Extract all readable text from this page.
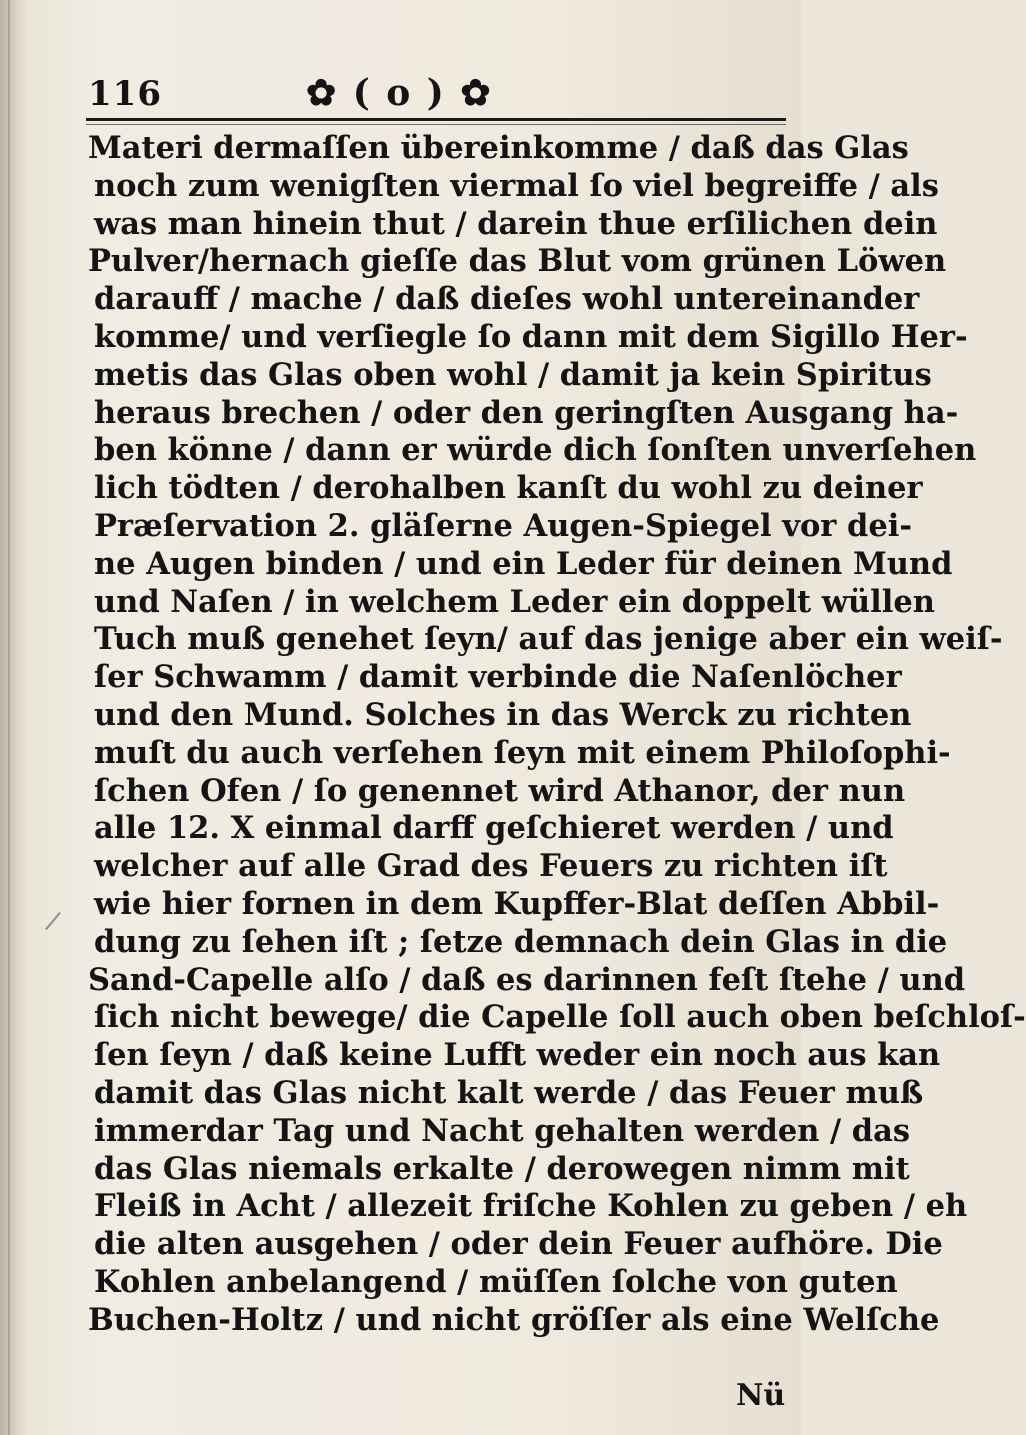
116	✿ ( o ) ✿
Materi dermaſſen übereinkomme / daß das Glas
noch zum wenigſten viermal ſo viel begreiffe / als
was man hinein thut / darein thue erſilichen dein
Pulver/hernach gieſſe das Blut vom grünen Löwen
darauff / mache / daß dieſes wohl untereinander
komme/ und verſiegle ſo dann mit dem Sigillo Her-
metis das Glas oben wohl / damit ja kein Spiritus
heraus brechen / oder den geringſten Ausgang ha-
ben könne / dann er würde dich ſonſten unverſehen
lich tödten / derohalben kanſt du wohl zu deiner
Præſervation 2. gläſerne Augen-Spiegel vor dei-
ne Augen binden / und ein Leder für deinen Mund
und Naſen / in welchem Leder ein doppelt wüllen
Tuch muß genehet ſeyn/ auf das jenige aber ein weiſ-
ſer Schwamm / damit verbinde die Naſenlöcher
und den Mund. Solches in das Werck zu richten
muſt du auch verſehen ſeyn mit einem Philoſophi-
ſchen Ofen / ſo genennet wird Athanor, der nun
alle 12. X einmal darff geſchieret werden / und
welcher auf alle Grad des Feuers zu richten iſt
wie hier fornen in dem Kupffer-Blat deſſen Abbil-
dung zu ſehen iſt ; ſetze demnach dein Glas in die
Sand-Capelle alſo / daß es darinnen feſt ſtehe / und
ſich nicht bewege/ die Capelle ſoll auch oben beſchloſ-
ſen ſeyn / daß keine Lufft weder ein noch aus kan
damit das Glas nicht kalt werde / das Feuer muß
immerdar Tag und Nacht gehalten werden / das
das Glas niemals erkalte / derowegen nimm mit
Fleiß in Acht / allezeit friſche Kohlen zu geben / eh
die alten ausgehen / oder dein Feuer aufhöre. Die
Kohlen anbelangend / müſſen ſolche von guten
Buchen-Holtz / und nicht gröſſer als eine Welſche
Nü
